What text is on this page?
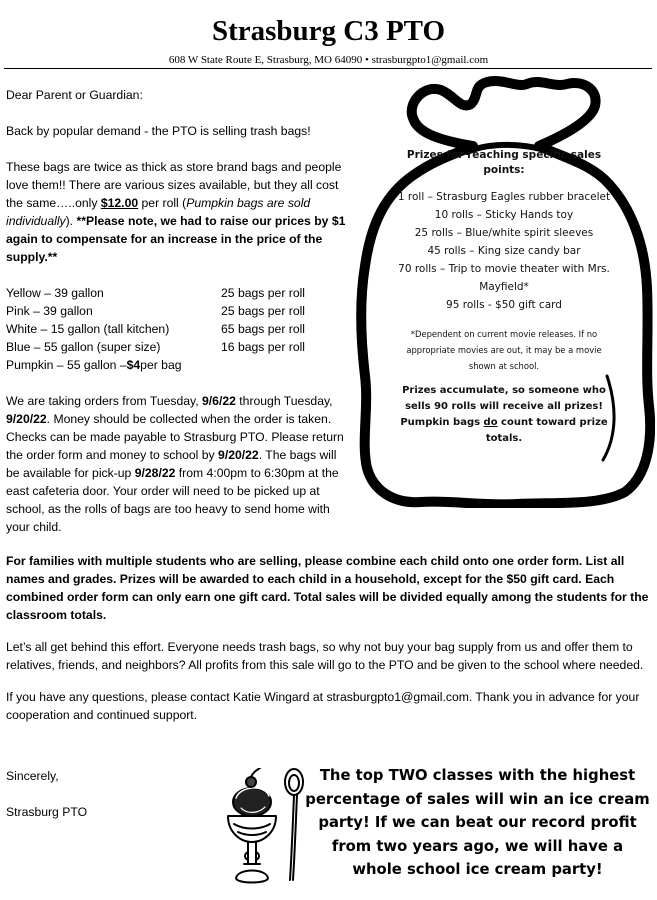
Strasburg C3 PTO
608 W State Route E, Strasburg, MO 64090 • strasburgpto1@gmail.com

Dear Parent or Guardian:

Back by popular demand - the PTO is selling trash bags!

These bags are twice as thick as store brand bags and people love them!! There are various sizes available, but they all cost the same…..only $12.00 per roll (Pumpkin bags are sold individually). **Please note, we had to raise our prices by $1 again to compensate for an increase in the price of the supply.**

Yellow – 39 gallon	25 bags per roll
Pink – 39 gallon	25 bags per roll
White – 15 gallon (tall kitchen)	65 bags per roll
Blue – 55 gallon (super size)	16 bags per roll
Pumpkin – 55 gallon – $4 per bag

We are taking orders from Tuesday, 9/6/22 through Tuesday, 9/20/22. Money should be collected when the order is taken. Checks can be made payable to Strasburg PTO. Please return the order form and money to school by 9/20/22. The bags will be available for pick-up 9/28/22 from 4:00pm to 6:30pm at the east cafeteria door. Your order will need to be picked up at school, as the rolls of bags are too heavy to send home with your child.

Prizes for reaching specific sales points:
1 roll – Strasburg Eagles rubber bracelet
10 rolls – Sticky Hands toy
25 rolls – Blue/white spirit sleeves
45 rolls – King size candy bar
70 rolls – Trip to movie theater with Mrs. Mayfield*
95 rolls - $50 gift card
*Dependent on current movie releases. If no appropriate movies are out, it may be a movie shown at school.
Prizes accumulate, so someone who sells 90 rolls will receive all prizes! Pumpkin bags do count toward prize totals.

For families with multiple students who are selling, please combine each child onto one order form. List all names and grades. Prizes will be awarded to each child in a household, except for the $50 gift card. Each combined order form can only earn one gift card. Total sales will be divided equally among the students for the classroom totals.

Let’s all get behind this effort. Everyone needs trash bags, so why not buy your bag supply from us and offer them to relatives, friends, and neighbors? All profits from this sale will go to the PTO and be given to the school where needed.

If you have any questions, please contact Katie Wingard at strasburgpto1@gmail.com. Thank you in advance for your cooperation and continued support.

Sincerely,
Strasburg PTO
The top TWO classes with the highest percentage of sales will win an ice cream party! If we can beat our record profit from two years ago, we will have a whole school ice cream party!
